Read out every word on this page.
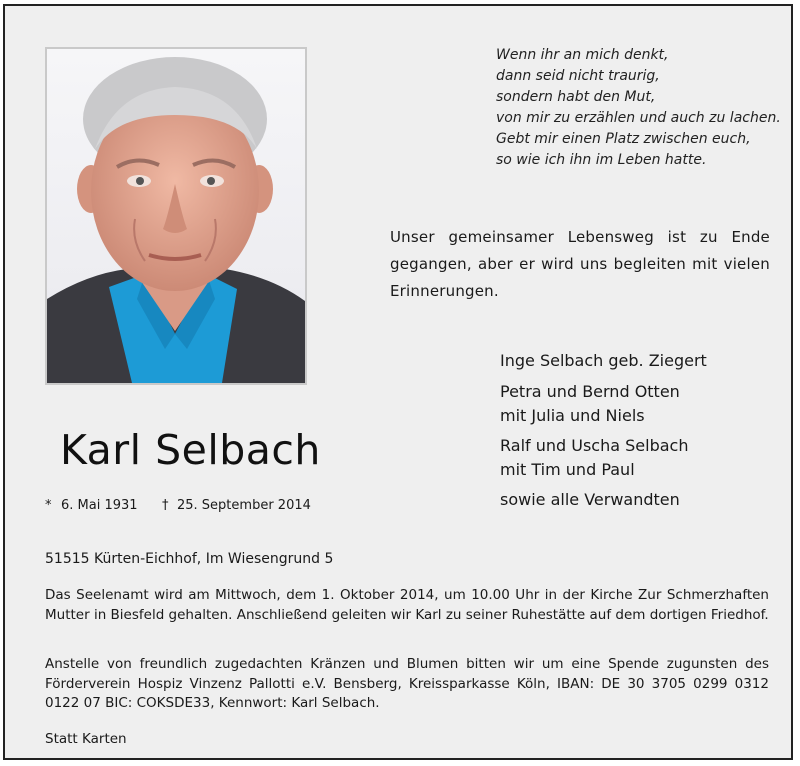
Wenn ihr an mich denkt,
dann seid nicht traurig,
sondern habt den Mut,
von mir zu erzählen und auch zu lachen.
Gebt mir einen Platz zwischen euch,
so wie ich ihn im Leben hatte.
Unser gemeinsamer Lebensweg ist zu Ende gegangen, aber er wird uns begleiten mit vielen Erinnerungen.
Inge Selbach geb. Ziegert
Petra und Bernd Otten
mit Julia und Niels
Ralf und Uscha Selbach
mit Tim und Paul
sowie alle Verwandten
Karl Selbach
* 6. Mai 1931 † 25. September 2014
51515 Kürten-Eichhof, Im Wiesengrund 5
Das Seelenamt wird am Mittwoch, dem 1. Oktober 2014, um 10.00 Uhr in der Kirche Zur Schmerzhaften Mutter in Biesfeld gehalten. Anschließend geleiten wir Karl zu seiner Ruhestätte auf dem dortigen Friedhof.
Anstelle von freundlich zugedachten Kränzen und Blumen bitten wir um eine Spende zugunsten des Förderverein Hospiz Vinzenz Pallotti e.V. Bensberg, Kreissparkasse Köln, IBAN: DE 30 3705 0299 0312 0122 07 BIC: COKSDE33, Kennwort: Karl Selbach.
Statt Karten
